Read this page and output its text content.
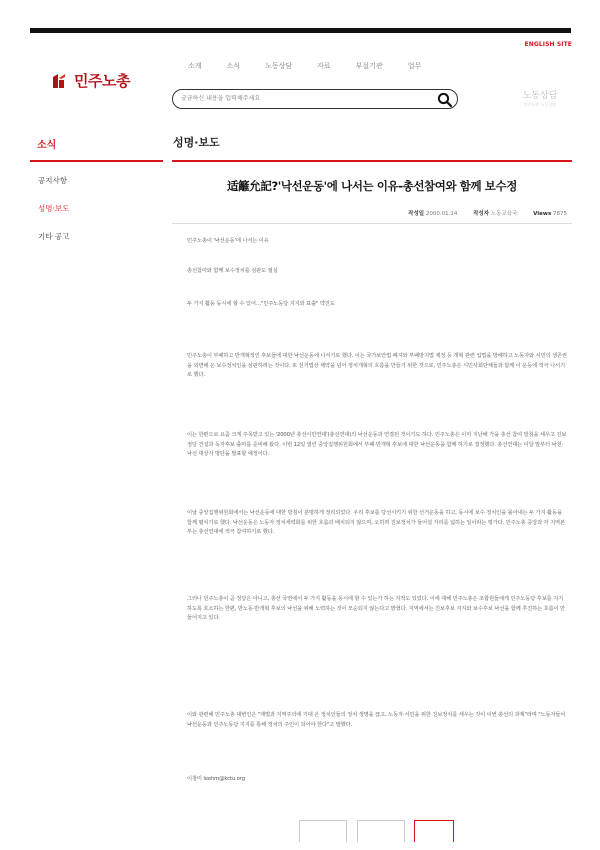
ENGLISH SITE
민주노총
소개	소식	노동상담	자료	부설기관	업무
궁금하신 내용을 입력해주세요
노동상담
민주노총 노동상담
소식
공지사항
성명·보도
기타 공고
성명·보도
适籬允記?'낙선운동'에 나서는 이유-총선참여와 함께 보수정
작성일 2000.01.14	작성자 노동교육국	Views 7875

민주노총이 '낙선운동'에 나서는 이유

총선참여와 함께 보수정치를 심판도 절실

두 가지 활동 동시에 할 수 있어…"민주노동당 지지와 표출" 약진도

민주노총이 부패하고 반개혁적인 후보들에 대한 낙선운동에 나서기로 했다. 이는 국가보안법 폐지와 부패방지법 제정 등 개혁 관련 입법을 방해하고 노동자와 서민의 생존권을 외면해 온 보수정치인을 심판하려는 것이다. 또 선거법상 제약을 넘어 정치개혁의 흐름을 만들기 위한 것으로, 민주노총은 시민사회단체들과 함께 이 운동에 적극 나서기로 했다.

이는 한편으로 요즘 크게 주목받고 있는 '2000년 총선시민연대'(총선연대)의 낙선운동과 연결된 것이기도 하다. 민주노총은 이미 지난해 가을 총선 참여 방침을 세우고 진보정당 건설과 독자후보 출마를 준비해 왔다. 이번 12일 열린 중앙집행위원회에서 부패·반개혁 후보에 대한 낙선운동을 함께 하기로 결정했다. 총선연대는 이달 말부터 낙천·낙선 대상자 명단을 발표할 예정이다.

이날 중앙집행위원회에서는 낙선운동에 대한 방침이 분명하게 정리되었다. 우리 후보를 당선시키기 위한 선거운동을 하고, 동시에 보수 정치인을 몰아내는 두 가지 활동을 함께 펼치기로 했다. 낙선운동은 노동자 정치세력화를 위한 흐름과 배치되지 않으며, 오히려 진보정치가 들어설 자리를 넓히는 일이라는 평가다. 민주노총 중앙과 각 지역본부는 총선연대에 적극 참여하기로 했다.

그러나 민주노총이 곧 정당은 아니고, 총선 국면에서 두 가지 활동을 동시에 할 수 있는가 하는 지적도 있었다. 이에 대해 민주노총은 조합원들에게 민주노동당 후보를 지지하도록 호소하는 한편, 반노동·반개혁 후보의 낙선을 위해 노력하는 것이 모순되지 않는다고 밝혔다. 지역에서는 진보후보 지지와 보수후보 낙선을 함께 추진하는 흐름이 만들어지고 있다.

이와 관련해 민주노총 대변인은 "재벌과 지역주의에 기대 온 정치인들의 정치 생명을 끊고, 노동자·서민을 위한 진보정치를 세우는 것이 이번 총선의 과제"라며 "노동자들이 낙선운동과 민주노동당 지지를 통해 정치의 주인이 되어야 한다"고 말했다.

이창미 leehm@kctu.org
